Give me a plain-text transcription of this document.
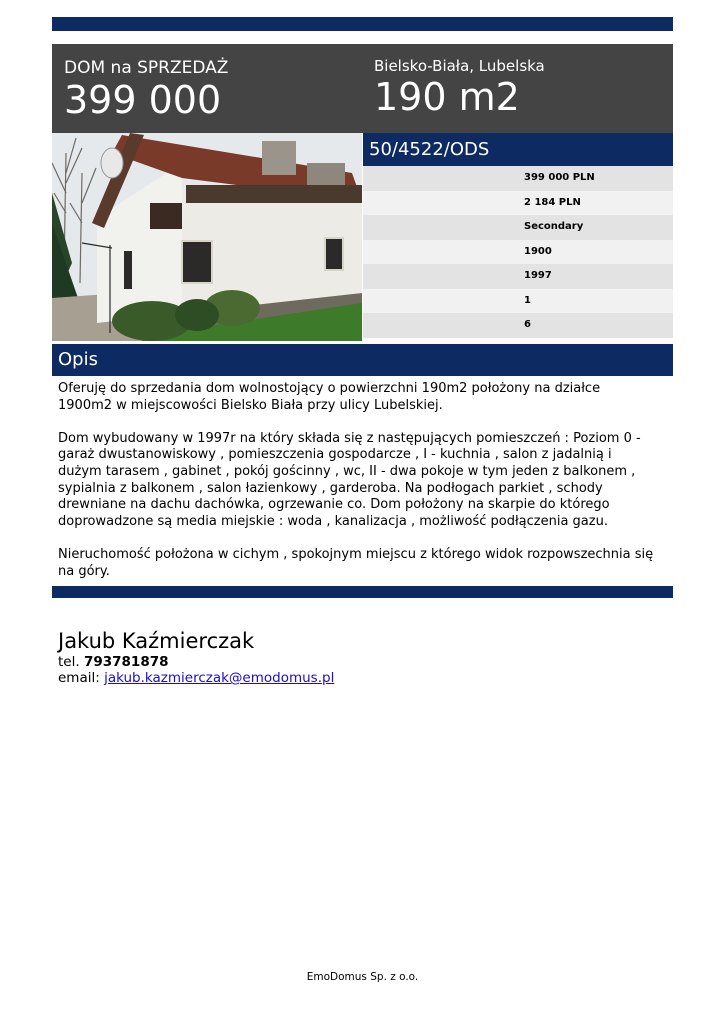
DOM na SPRZEDAŻ
399 000
Bielsko-Biała, Lubelska
190 m2
50/4522/ODS
399 000 PLN
2 184 PLN
Secondary
1900
1997
1
6
Opis

Oferuję do sprzedania dom wolnostojący o powierzchni 190m2 położony na działce 1900m2 w miejscowości Bielsko Biała przy ulicy Lubelskiej.

Dom wybudowany w 1997r na który składa się z następujących pomieszczeń : Poziom 0 - garaż dwustanowiskowy , pomieszczenia gospodarcze , I - kuchnia , salon z jadalnią i dużym tarasem , gabinet , pokój gościnny , wc, II - dwa pokoje w tym jeden z balkonem , sypialnia z balkonem , salon łazienkowy , garderoba. Na podłogach parkiet , schody drewniane na dachu dachówka, ogrzewanie co. Dom położony na skarpie do którego doprowadzone są media miejskie : woda , kanalizacja , możliwość podłączenia gazu.

Nieruchomość położona w cichym , spokojnym miejscu z którego widok rozpowszechnia się na góry.

Jakub Kaźmierczak
tel. 793781878
email: jakub.kazmierczak@emodomus.pl
EmoDomus Sp. z o.o.
